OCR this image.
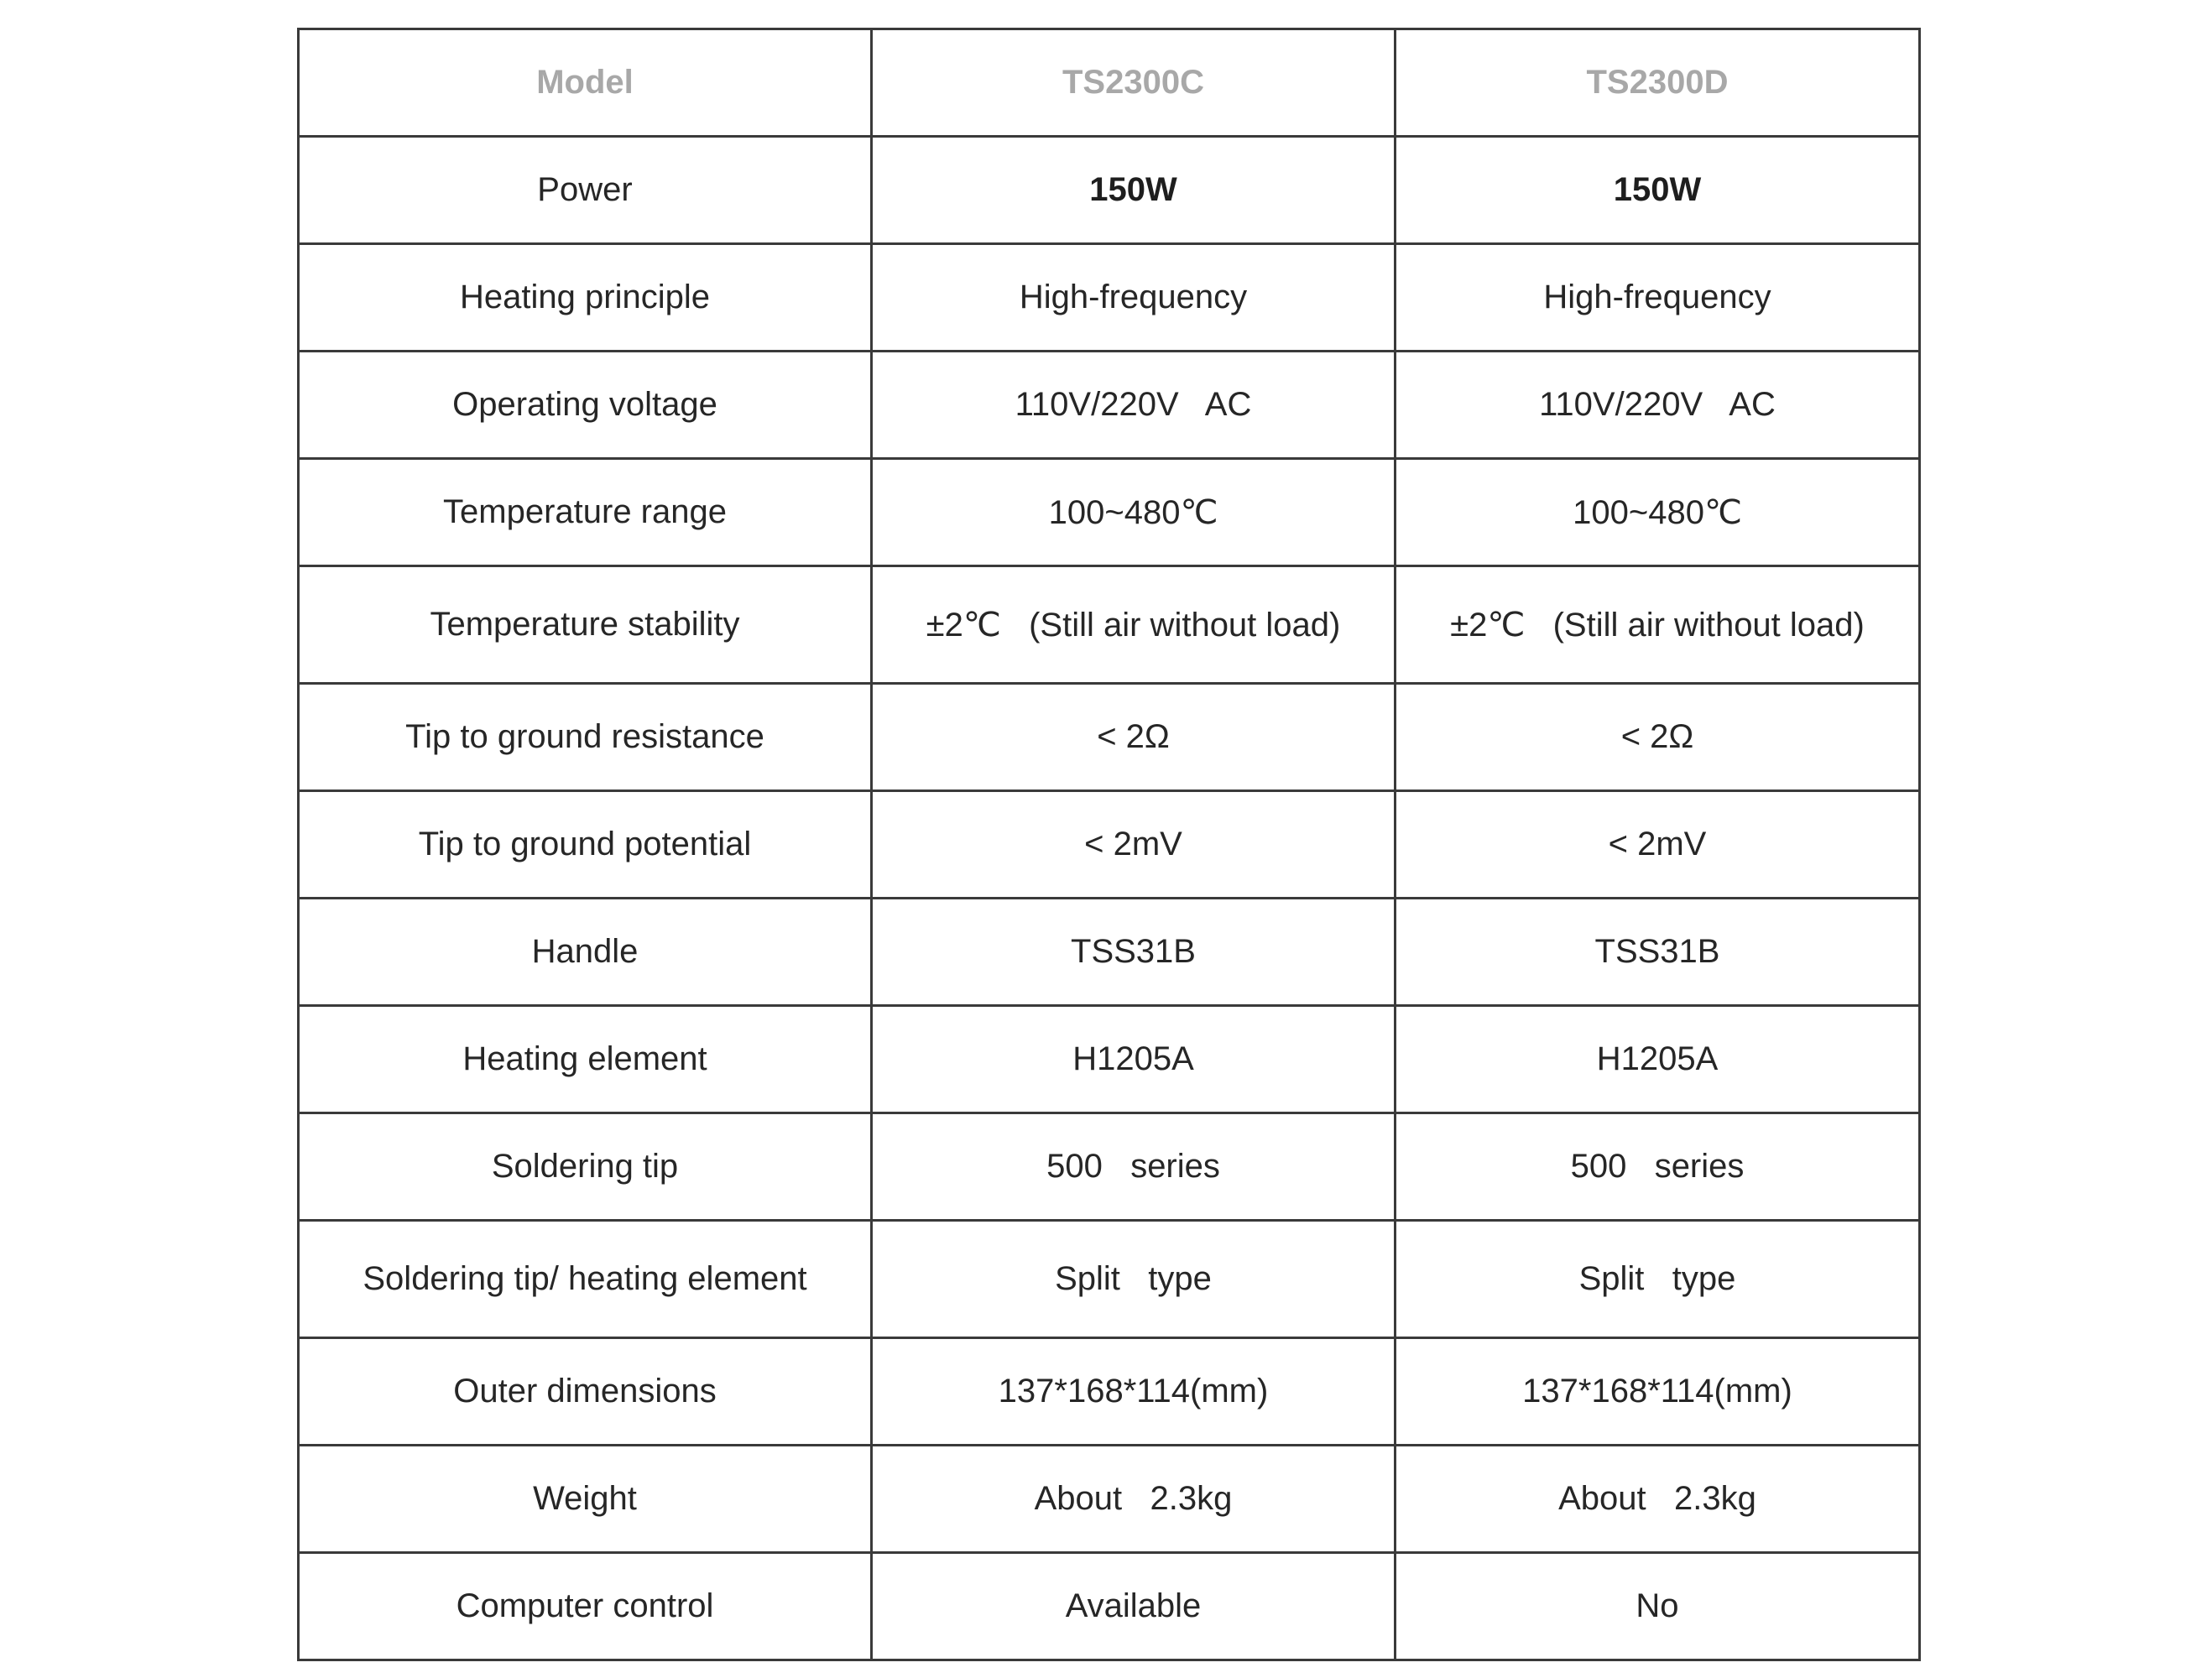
Model	TS2300C	TS2300D
Power	150W	150W
Heating principle	High-frequency	High-frequency
Operating voltage	110V/220V   AC	110V/220V   AC
Temperature range	100~480℃	100~480℃
Temperature stability	±2℃   (Still air without load)	±2℃   (Still air without load)
Tip to ground resistance	< 2Ω	< 2Ω
Tip to ground potential	< 2mV	< 2mV
Handle	TSS31B	TSS31B
Heating element	H1205A	H1205A
Soldering tip	500   series	500   series
Soldering tip/ heating element	Split   type	Split   type
Outer dimensions	137*168*114(mm)	137*168*114(mm)
Weight	About   2.3kg	About   2.3kg
Computer control	Available	No
